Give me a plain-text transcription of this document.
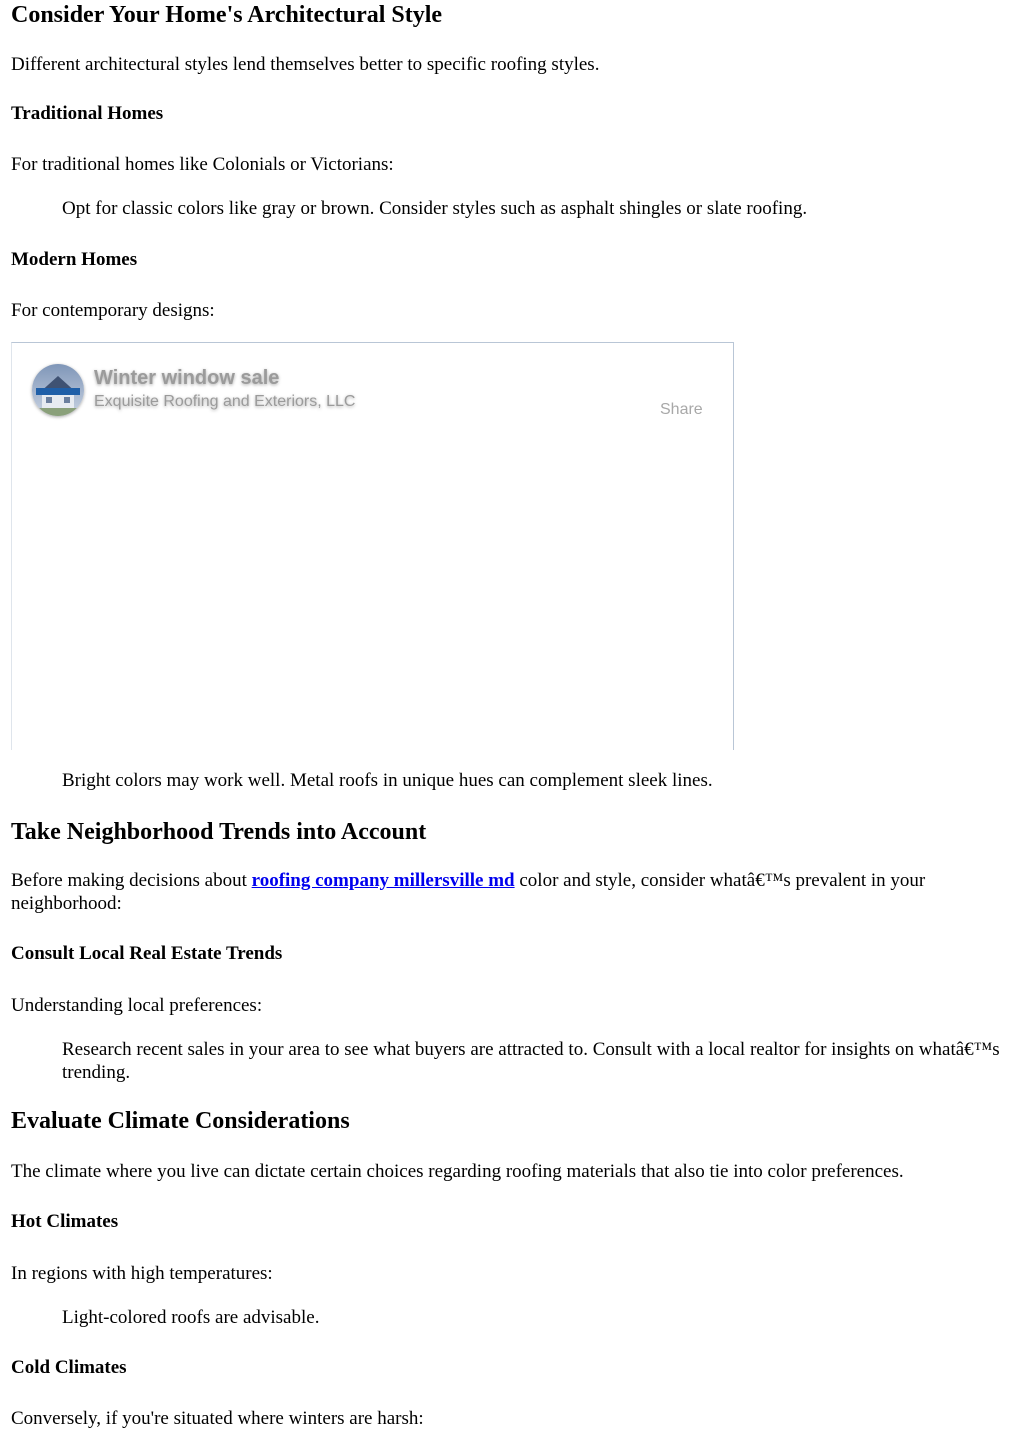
Consider Your Home's Architectural Style

Different architectural styles lend themselves better to specific roofing styles.

Traditional Homes

For traditional homes like Colonials or Victorians:

Opt for classic colors like gray or brown. Consider styles such as asphalt shingles or slate roofing.

Modern Homes

For contemporary designs:

Winter window sale
Exquisite Roofing and Exteriors, LLC	Share

Bright colors may work well. Metal roofs in unique hues can complement sleek lines.

Take Neighborhood Trends into Account

Before making decisions about roofing company millersville md color and style, consider whatâ€™s prevalent in your neighborhood:

Consult Local Real Estate Trends

Understanding local preferences:

Research recent sales in your area to see what buyers are attracted to. Consult with a local realtor for insights on whatâ€™s trending.

Evaluate Climate Considerations

The climate where you live can dictate certain choices regarding roofing materials that also tie into color preferences.

Hot Climates

In regions with high temperatures:

Light-colored roofs are advisable.

Cold Climates

Conversely, if you're situated where winters are harsh:
